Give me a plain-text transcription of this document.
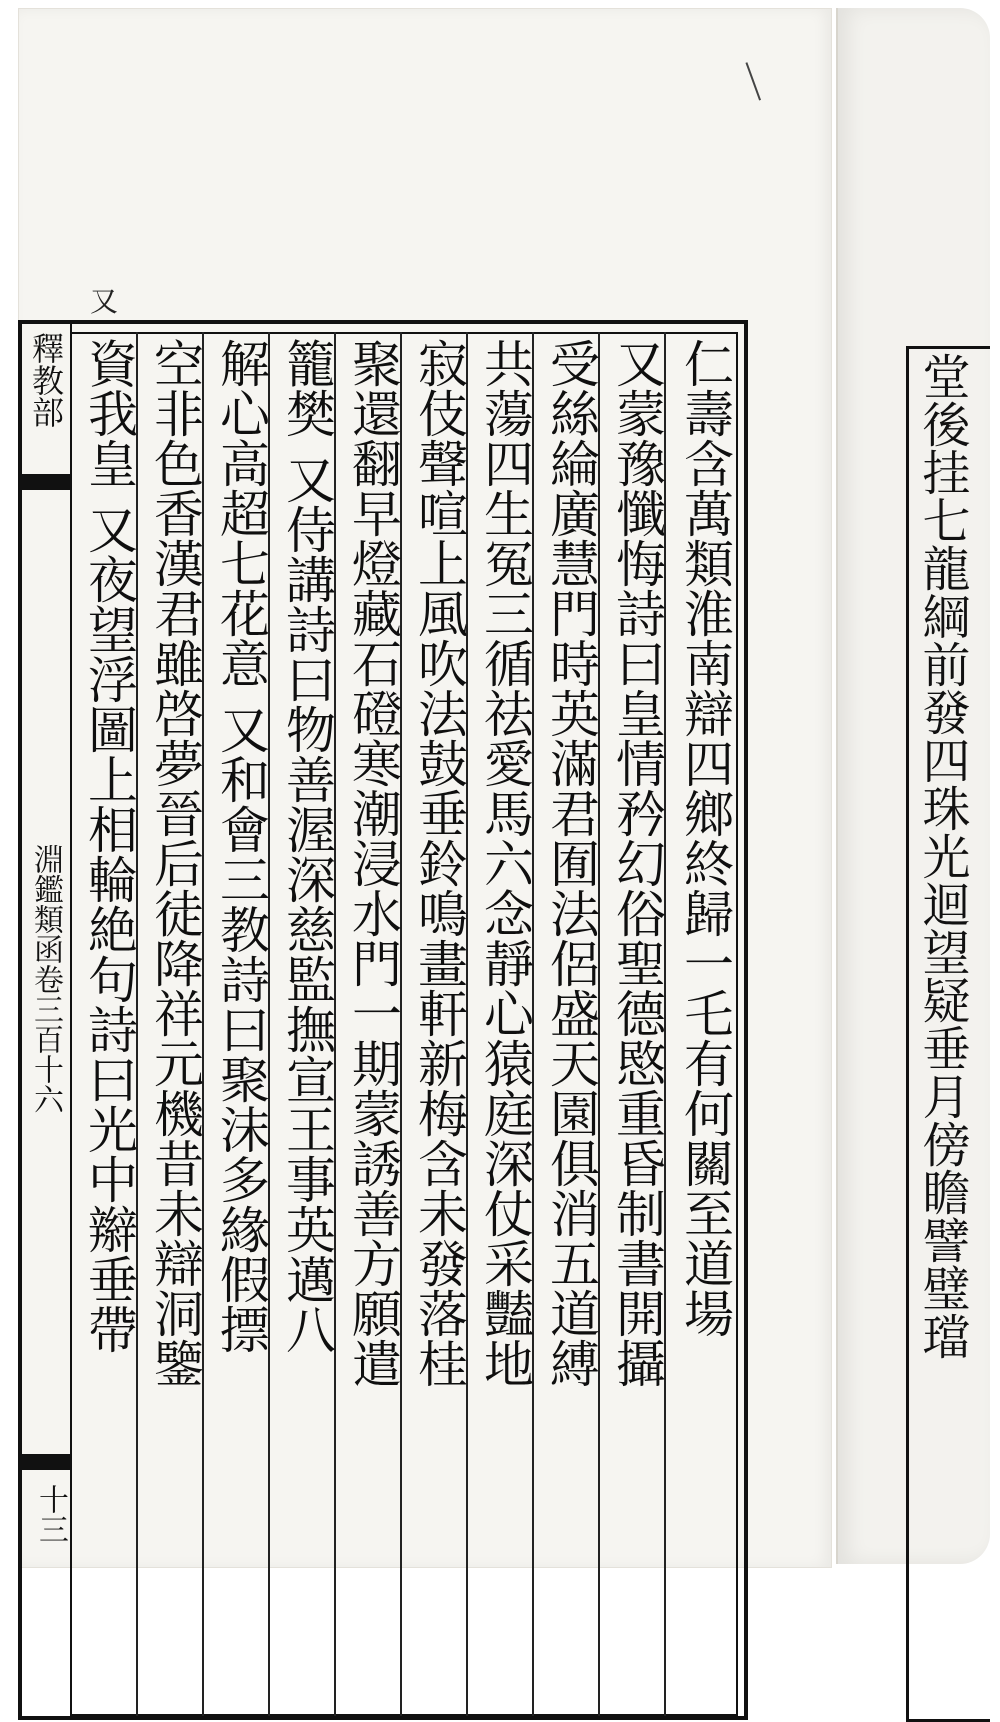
又
釋教部
淵鑑類函卷三百十六
十三
仁壽含萬類淮南辯四鄉終歸一乇有何關至道場
又蒙豫懺悔詩曰皇情矜幻俗聖德愍重昏制書開攝
受絲綸廣慧門時英滿君囿法侶盛天園俱消五道縛
共蕩四生冤三循祛愛馬六念靜心猿庭深仗采豔地
寂伎聲喧上風吹法鼓垂鈴鳴畫軒新梅含未發落桂
聚還翻早燈藏石磴寒潮浸水門一期蒙誘善方願遣
籠樊 又侍講詩曰物善渥深慈監撫宣王事英邁八
解心高超七花意 又和會三教詩曰聚沫多緣假摽
空非色香漢君雖啓夢晉后徒降祥元機昔未辯洞鑒
資我皇 又夜望浮圖上相輪絶句詩曰光中辮垂帶	堂後挂七龍綱前發四珠光迴望疑垂月傍瞻譬璧璫
